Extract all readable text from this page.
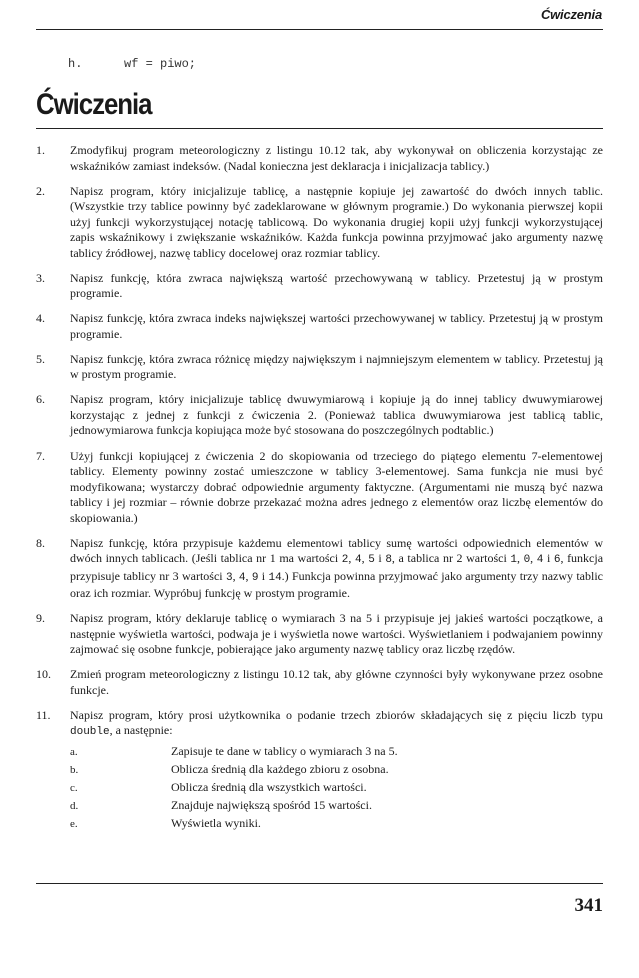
Ćwiczenia
h.	wf = piwo;
Ćwiczenia
1.	Zmodyfikuj program meteorologiczny z listingu 10.12 tak, aby wykonywał on obliczenia korzystając ze wskaźników zamiast indeksów. (Nadal konieczna jest deklaracja i inicjalizacja tablicy.)
2.	Napisz program, który inicjalizuje tablicę, a następnie kopiuje jej zawartość do dwóch innych tablic. (Wszystkie trzy tablice powinny być zadeklarowane w głównym programie.) Do wykonania pierwszej kopii użyj funkcji wykorzystującej notację tablicową. Do wykonania drugiej kopii użyj funkcji wykorzystującej zapis wskaźnikowy i zwiększanie wskaźników. Każda funkcja powinna przyjmować jako argumenty nazwę tablicy źródłowej, nazwę tablicy docelowej oraz rozmiar tablicy.
3.	Napisz funkcję, która zwraca największą wartość przechowywaną w tablicy. Przetestuj ją w prostym programie.
4.	Napisz funkcję, która zwraca indeks największej wartości przechowywanej w tablicy. Przetestuj ją w prostym programie.
5.	Napisz funkcję, która zwraca różnicę między największym i najmniejszym elementem w tablicy. Przetestuj ją w prostym programie.
6.	Napisz program, który inicjalizuje tablicę dwuwymiarową i kopiuje ją do innej tablicy dwuwymiarowej korzystając z jednej z funkcji z ćwiczenia 2. (Ponieważ tablica dwuwymiarowa jest tablicą tablic, jednowymiarowa funkcja kopiująca może być stosowana do poszczególnych podtablic.)
7.	Użyj funkcji kopiującej z ćwiczenia 2 do skopiowania od trzeciego do piątego elementu 7-elementowej tablicy. Elementy powinny zostać umieszczone w tablicy 3-elementowej. Sama funkcja nie musi być modyfikowana; wystarczy dobrać odpowiednie argumenty faktyczne. (Argumentami nie muszą być nazwa tablicy i jej rozmiar – równie dobrze przekazać można adres jednego z elementów oraz liczbę elementów do skopiowania.)
8.	Napisz funkcję, która przypisuje każdemu elementowi tablicy sumę wartości odpowiednich elementów w dwóch innych tablicach. (Jeśli tablica nr 1 ma wartości 2, 4, 5 i 8, a tablica nr 2 wartości 1, 0, 4 i 6, funkcja przypisuje tablicy nr 3 wartości 3, 4, 9 i 14.) Funkcja powinna przyjmować jako argumenty trzy nazwy tablic oraz ich rozmiar. Wypróbuj funkcję w prostym programie.
9.	Napisz program, który deklaruje tablicę o wymiarach 3 na 5 i przypisuje jej jakieś wartości początkowe, a następnie wyświetla wartości, podwaja je i wyświetla nowe wartości. Wyświetlaniem i podwajaniem powinny zajmować się osobne funkcje, pobierające jako argumenty nazwę tablicy oraz liczbę rzędów.
10.	Zmień program meteorologiczny z listingu 10.12 tak, aby główne czynności były wykonywane przez osobne funkcje.
11.	Napisz program, który prosi użytkownika o podanie trzech zbiorów składających się z pięciu liczb typu double, a następnie:
a.	Zapisuje te dane w tablicy o wymiarach 3 na 5.
b.	Oblicza średnią dla każdego zbioru z osobna.
c.	Oblicza średnią dla wszystkich wartości.
d.	Znajduje największą spośród 15 wartości.
e.	Wyświetla wyniki.
341
